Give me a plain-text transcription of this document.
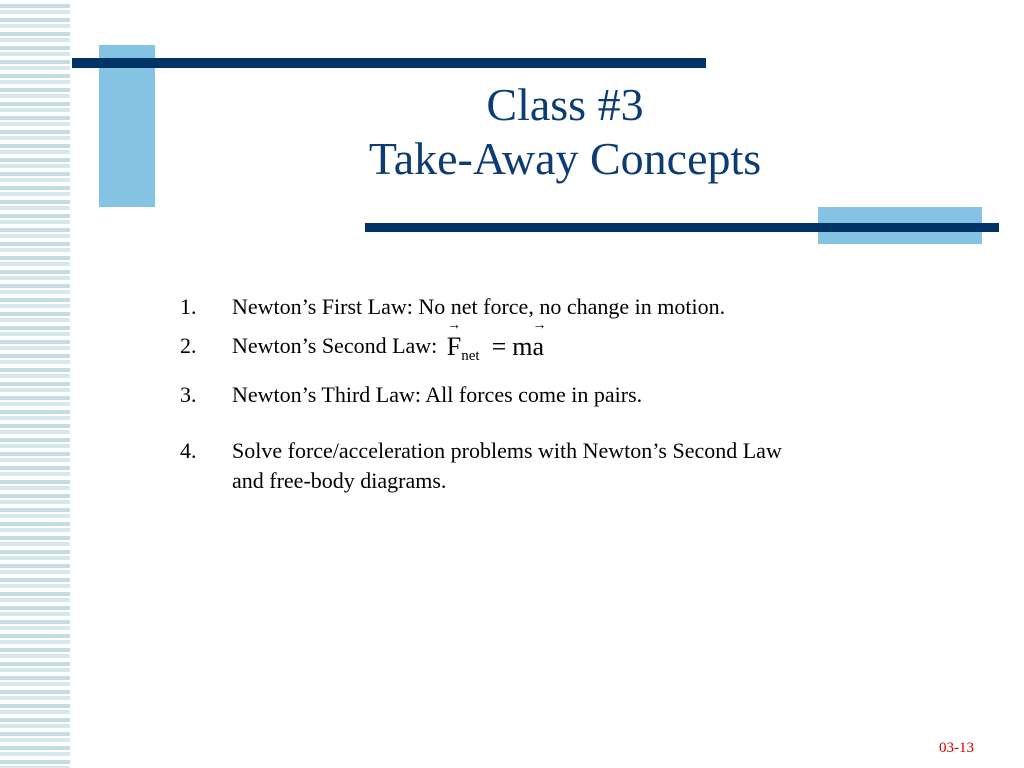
Class #3
Take-Away Concepts
1. Newton’s First Law: No net force, no change in motion.
2. Newton’s Second Law:
→
$F_{net} = m$
→
a
3. Newton’s Third Law: All forces come in pairs.
4. Solve force/acceleration problems with Newton’s Second Law and free-body diagrams.
03-13
